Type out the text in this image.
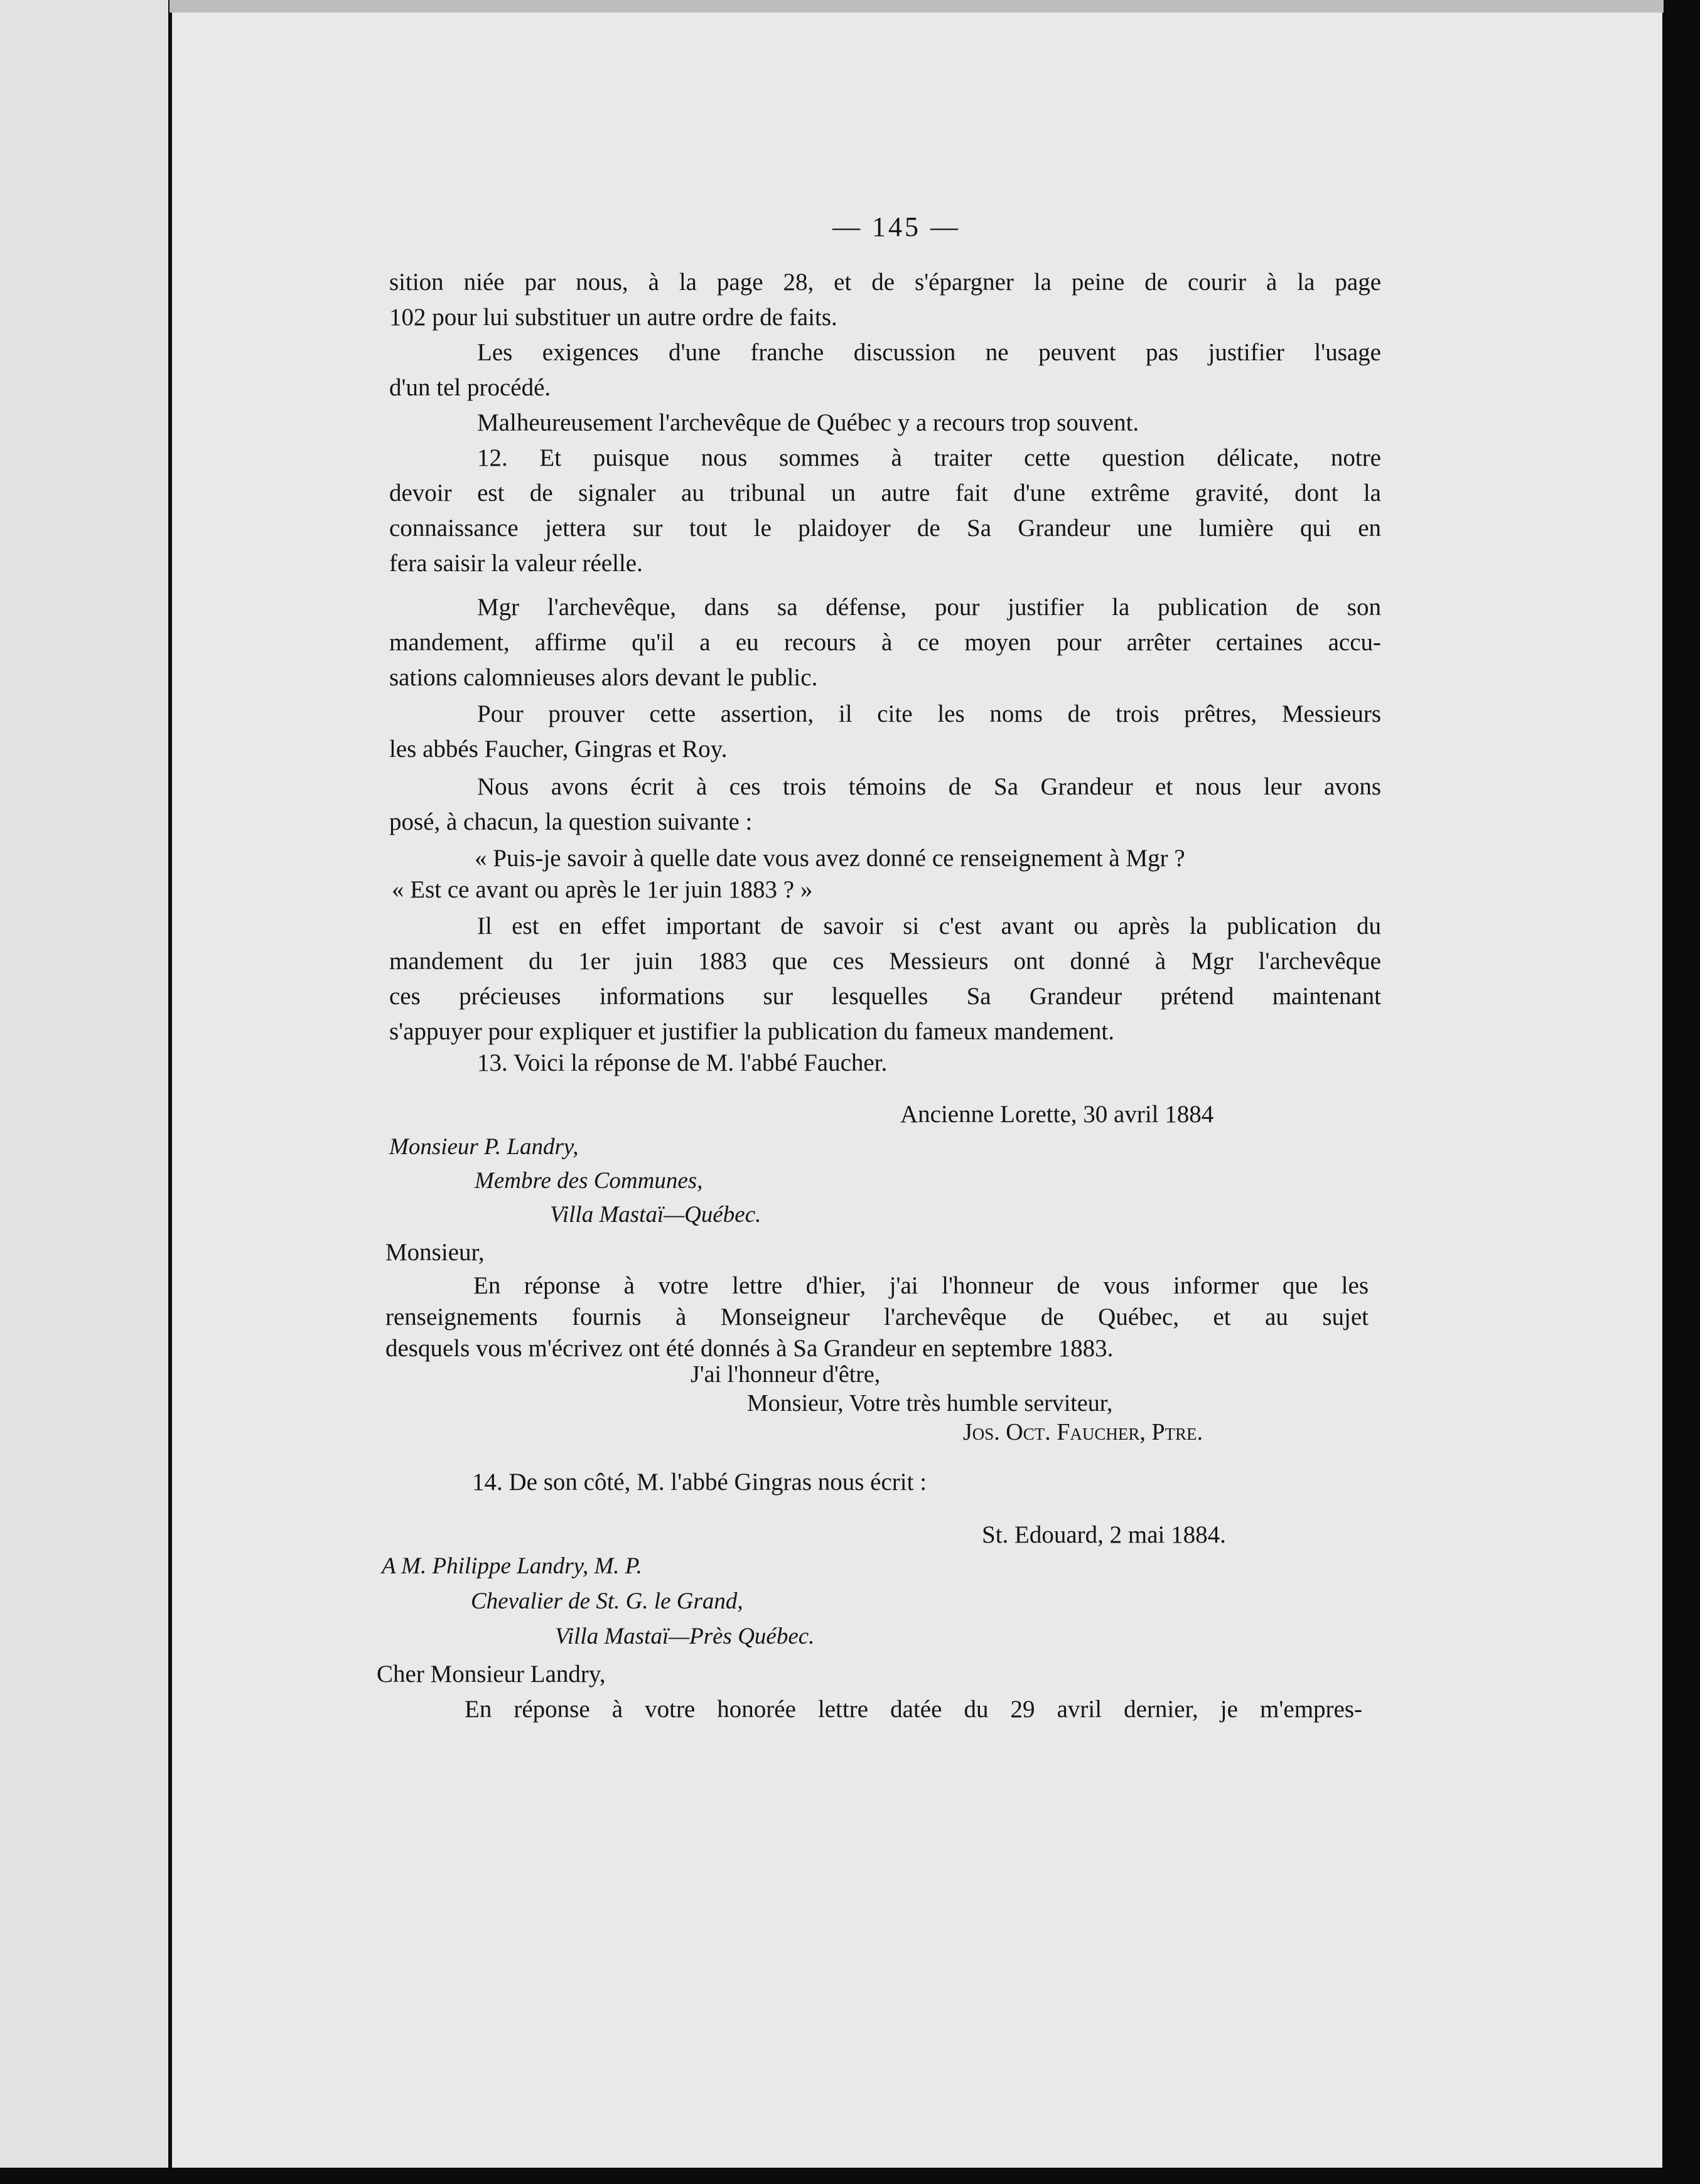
— 145 —
sition niée par nous, à la page 28, et de s'épargner la peine de courir à la page
102 pour lui substituer un autre ordre de faits.
Les exigences d'une franche discussion ne peuvent pas justifier l'usage
d'un tel procédé.
Malheureusement l'archevêque de Québec y a recours trop souvent.
12. Et puisque nous sommes à traiter cette question délicate, notre
devoir est de signaler au tribunal un autre fait d'une extrême gravité, dont la
connaissance jettera sur tout le plaidoyer de Sa Grandeur une lumière qui en
fera saisir la valeur réelle.
Mgr l'archevêque, dans sa défense, pour justifier la publication de son
mandement, affirme qu'il a eu recours à ce moyen pour arrêter certaines accu-
sations calomnieuses alors devant le public.
Pour prouver cette assertion, il cite les noms de trois prêtres, Messieurs
les abbés Faucher, Gingras et Roy.
Nous avons écrit à ces trois témoins de Sa Grandeur et nous leur avons
posé, à chacun, la question suivante :
« Puis-je savoir à quelle date vous avez donné ce renseignement à Mgr ?
« Est ce avant ou après le 1er juin 1883 ? »
Il est en effet important de savoir si c'est avant ou après la publication du
mandement du 1er juin 1883 que ces Messieurs ont donné à Mgr l'archevêque
ces précieuses informations sur lesquelles Sa Grandeur prétend maintenant
s'appuyer pour expliquer et justifier la publication du fameux mandement.
13. Voici la réponse de M. l'abbé Faucher.
Ancienne Lorette, 30 avril 1884
Monsieur P. Landry,
Membre des Communes,
Villa Mastaï—Québec.
Monsieur,
En réponse à votre lettre d'hier, j'ai l'honneur de vous informer que les
renseignements fournis à Monseigneur l'archevêque de Québec, et au sujet
desquels vous m'écrivez ont été donnés à Sa Grandeur en septembre 1883.
J'ai l'honneur d'être,
Monsieur, Votre très humble serviteur,
Jos. Oct. Faucher, Ptre.
14. De son côté, M. l'abbé Gingras nous écrit :
St. Edouard, 2 mai 1884.
A M. Philippe Landry, M. P.
Chevalier de St. G. le Grand,
Villa Mastaï—Près Québec.
Cher Monsieur Landry,
En réponse à votre honorée lettre datée du 29 avril dernier, je m'empres-
